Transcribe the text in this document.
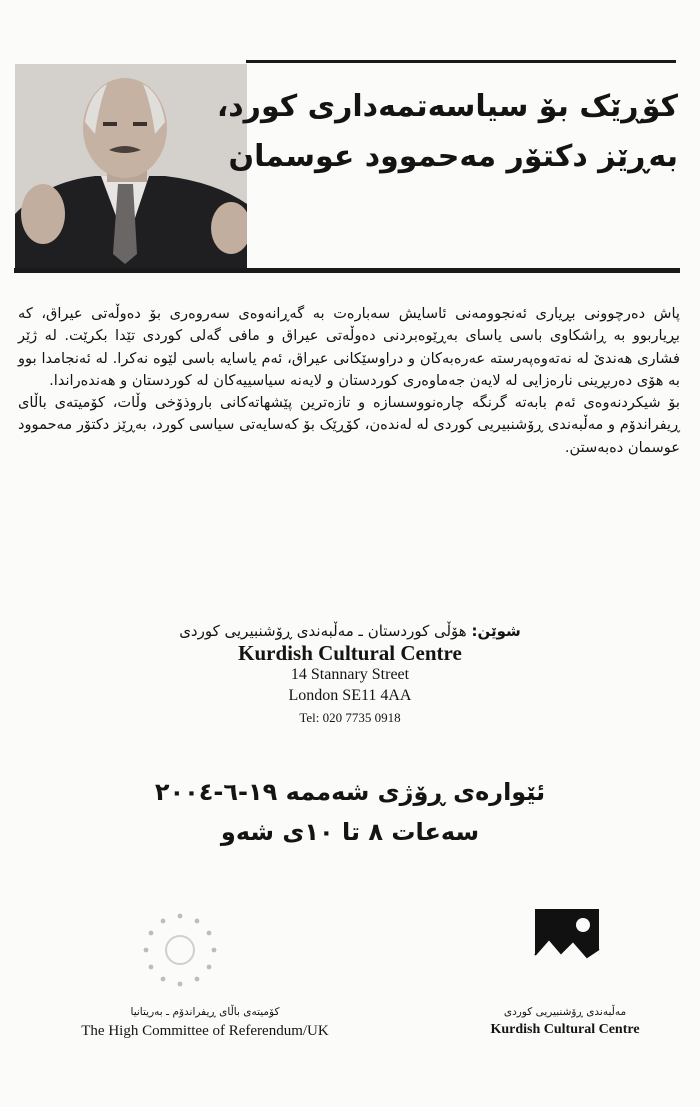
کۆڕێک بۆ سیاسەتمەداری کورد،
بەڕێز دکتۆر مەحموود عوسمان

پاش دەرچوونی بڕیاری ئەنجوومەنی ئاسایش سەبارەت بە گەڕانەوەی سەروەری بۆ دەوڵەتی عیراق، کە بڕیاربوو بە ڕاشکاوی باسی یاسای بەڕێوەبردنی دەوڵەتی عیراق و مافی گەلی کوردی تێدا بکرێت. لە ژێر فشاری هەندێ لە نەتەوەپەرستە عەرەبەکان و دراوسێکانی عیراق، ئەم یاسایە باسی لێوە نەکرا. لە ئەنجامدا بوو بە هۆی دەربڕینی نارەزایی لە لایەن جەماوەری کوردستان و لایەنە سیاسییەکان لە کوردستان و هەندەراندا.

بۆ شیکردنەوەی ئەم بابەتە گرنگە چارەنووسسازە و تازەترین پێشهاتەکانی باروذۆخی وڵات، کۆمیتەی باڵای ڕیفراندۆم و مەڵبەندی ڕۆشنبیریی کوردی لە لەندەن، کۆڕێک بۆ کەسایەتی سیاسی کورد، بەڕێز دکتۆر مەحموود عوسمان دەبەستن.

شوێن: هۆڵی کوردستان ـ مەڵبەندی ڕۆشنبیریی کوردی
Kurdish Cultural Centre
14 Stannary Street
London SE11 4AA
Tel: 020 7735 0918
ئێوارەی ڕۆژی شەممە ١٩-٦-٢٠٠٤
سەعات ٨ تا ١٠ی شەو
کۆمیتەی باڵای ڕیفراندۆم ـ بەریتانیا
The High Committee of Referendum/UK
مەڵبەندی ڕۆشنبیریی کوردی
Kurdish Cultural Centre
